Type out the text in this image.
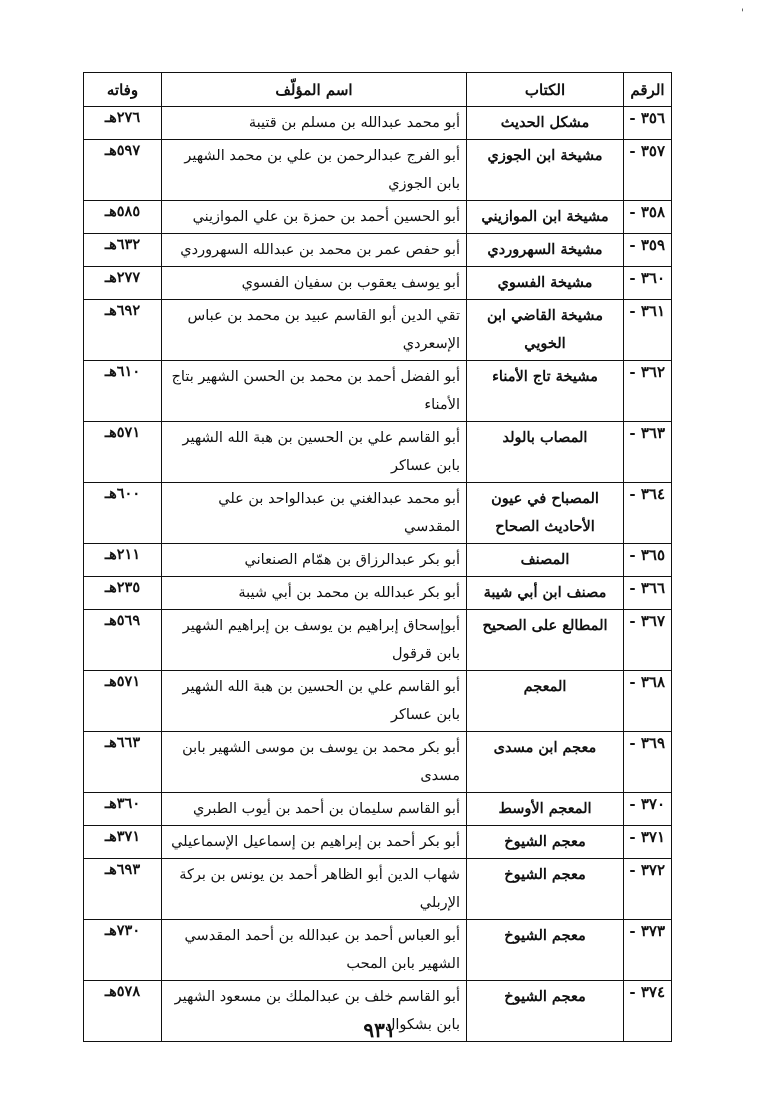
'
الرقم	الكتاب	اسم المؤلّف	وفاته
٣٥٦ -	مشكل الحديث	أبو محمد عبدالله بن مسلم بن قتيبة	٢٧٦هـ
٣٥٧ -	مشيخة ابن الجوزي	أبو الفرج عبدالرحمن بن علي بن محمد الشهير بابن الجوزي	٥٩٧هـ
٣٥٨ -	مشيخة ابن الموازيني	أبو الحسين أحمد بن حمزة بن علي الموازيني	٥٨٥هـ
٣٥٩ -	مشيخة السهروردي	أبو حفص عمر بن محمد بن عبدالله السهروردي	٦٣٢هـ
٣٦٠ -	مشيخة الفسوي	أبو يوسف يعقوب بن سفيان الفسوي	٢٧٧هـ
٣٦١ -	مشيخة القاضي ابن الخويي	تقي الدين أبو القاسم عبيد بن محمد بن عباس الإسعردي	٦٩٢هـ
٣٦٢ -	مشيخة تاج الأمناء	أبو الفضل أحمد بن محمد بن الحسن الشهير بتاج الأمناء	٦١٠هـ
٣٦٣ -	المصاب بالولد	أبو القاسم علي بن الحسين بن هبة الله الشهير بابن عساكر	٥٧١هـ
٣٦٤ -	المصباح في عيون الأحاديث الصحاح	أبو محمد عبدالغني بن عبدالواحد بن علي المقدسي	٦٠٠هـ
٣٦٥ -	المصنف	أبو بكر عبدالرزاق بن همّام الصنعاني	٢١١هـ
٣٦٦ -	مصنف ابن أبي شيبة	أبو بكر عبدالله بن محمد بن أبي شيبة	٢٣٥هـ
٣٦٧ -	المطالع على الصحيح	أبوإسحاق إبراهيم بن يوسف بن إبراهيم الشهير بابن قرقول	٥٦٩هـ
٣٦٨ -	المعجم	أبو القاسم علي بن الحسين بن هبة الله الشهير بابن عساكر	٥٧١هـ
٣٦٩ -	معجم ابن مسدى	أبو بكر محمد بن يوسف بن موسى الشهير بابن مسدى	٦٦٣هـ
٣٧٠ -	المعجم الأوسط	أبو القاسم سليمان بن أحمد بن أيوب الطبري	٣٦٠هـ
٣٧١ -	معجم الشيوخ	أبو بكر أحمد بن إبراهيم بن إسماعيل الإسماعيلي	٣٧١هـ
٣٧٢ -	معجم الشيوخ	شهاب الدين أبو الظاهر أحمد بن يونس بن بركة الإربلي	٦٩٣هـ
٣٧٣ -	معجم الشيوخ	أبو العباس أحمد بن عبدالله بن أحمد المقدسي الشهير بابن المحب	٧٣٠هـ
٣٧٤ -	معجم الشيوخ	أبو القاسم خلف بن عبدالملك بن مسعود الشهير بابن بشكوال	٥٧٨هـ
٩٣١
